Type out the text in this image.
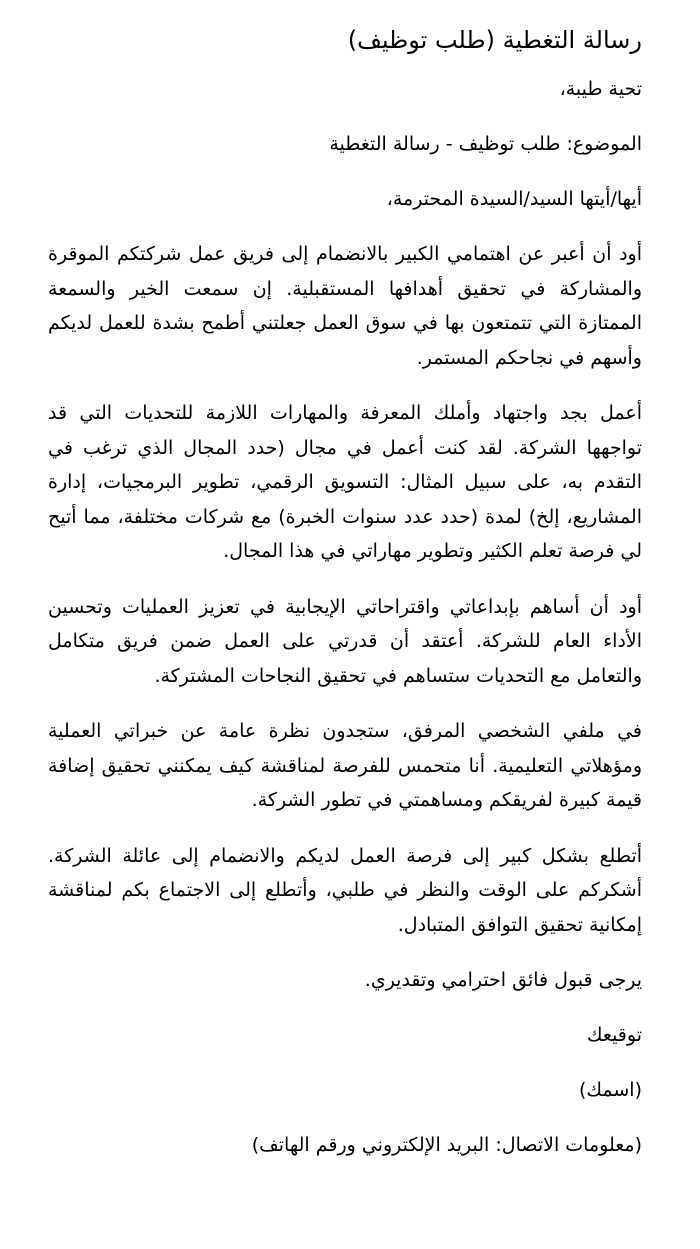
رسالة التغطية (طلب توظيف)

تحية طيبة،

الموضوع: طلب توظيف - رسالة التغطية

أيها/أيتها السيد/السيدة المحترمة،

أود أن أعبر عن اهتمامي الكبير بالانضمام إلى فريق عمل شركتكم الموقرة والمشاركة في تحقيق أهدافها المستقبلية. إن سمعت الخير والسمعة الممتازة التي تتمتعون بها في سوق العمل جعلتني أطمح بشدة للعمل لديكم وأسهم في نجاحكم المستمر.

أعمل بجد واجتهاد وأملك المعرفة والمهارات اللازمة للتحديات التي قد تواجهها الشركة. لقد كنت أعمل في مجال (حدد المجال الذي ترغب في التقدم به، على سبيل المثال: التسويق الرقمي، تطوير البرمجيات، إدارة المشاريع، إلخ) لمدة (حدد عدد سنوات الخبرة) مع شركات مختلفة، مما أتيح لي فرصة تعلم الكثير وتطوير مهاراتي في هذا المجال.

أود أن أساهم بإبداعاتي واقتراحاتي الإيجابية في تعزيز العمليات وتحسين الأداء العام للشركة. أعتقد أن قدرتي على العمل ضمن فريق متكامل والتعامل مع التحديات ستساهم في تحقيق النجاحات المشتركة.

في ملفي الشخصي المرفق، ستجدون نظرة عامة عن خبراتي العملية ومؤهلاتي التعليمية. أنا متحمس للفرصة لمناقشة كيف يمكنني تحقيق إضافة قيمة كبيرة لفريقكم ومساهمتي في تطور الشركة.

أتطلع بشكل كبير إلى فرصة العمل لديكم والانضمام إلى عائلة الشركة. أشكركم على الوقت والنظر في طلبي، وأتطلع إلى الاجتماع بكم لمناقشة إمكانية تحقيق التوافق المتبادل.

يرجى قبول فائق احترامي وتقديري.

توقيعك

(اسمك)

(معلومات الاتصال: البريد الإلكتروني ورقم الهاتف)
